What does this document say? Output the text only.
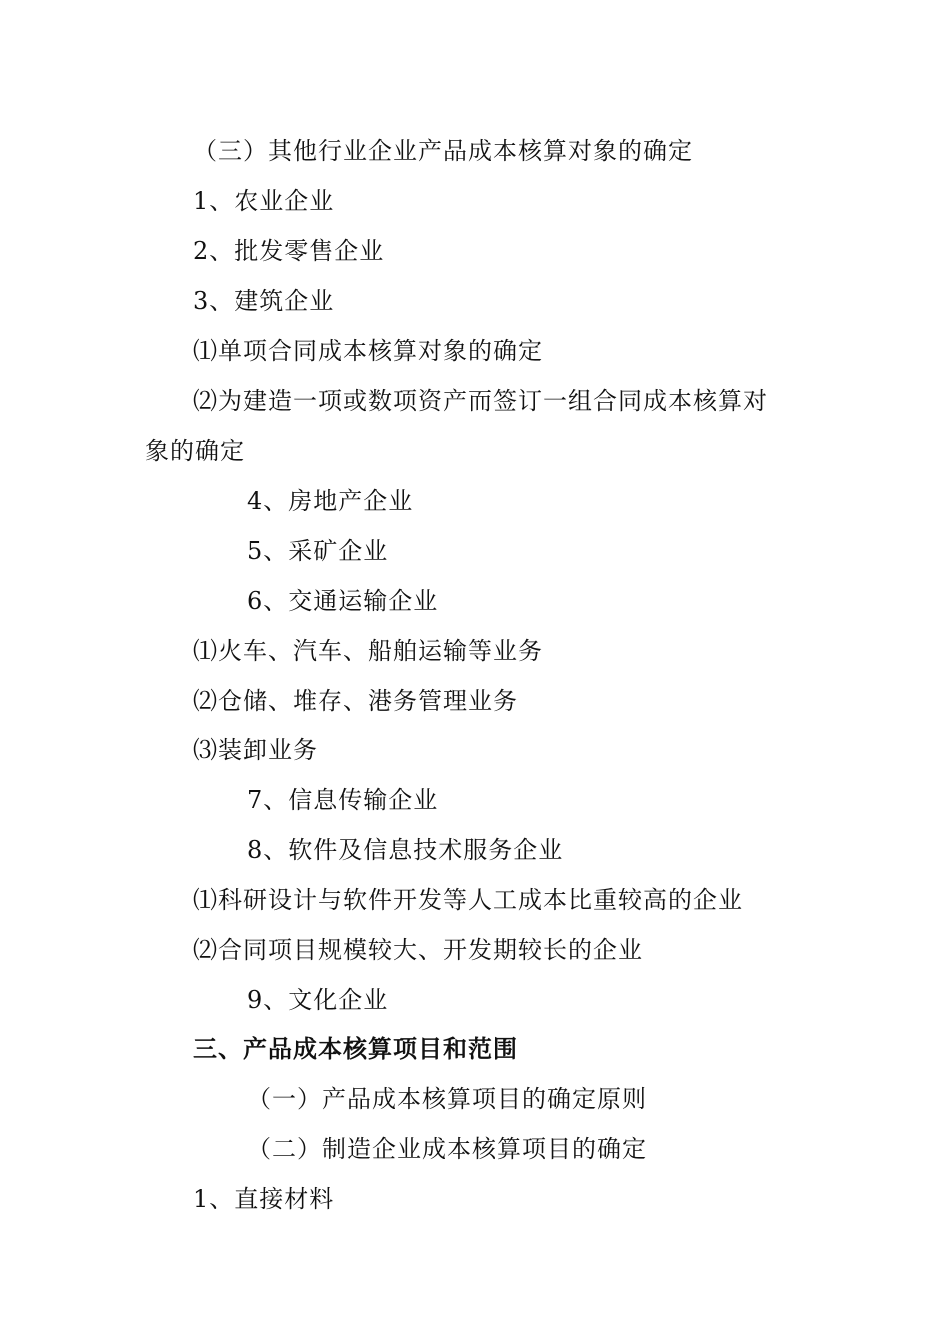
（三）其他行业企业产品成本核算对象的确定
1、农业企业
2、批发零售企业
3、建筑企业
⑴单项合同成本核算对象的确定
⑵为建造一项或数项资产而签订一组合同成本核算对
象的确定
4、房地产企业
5、采矿企业
6、交通运输企业
⑴火车、汽车、船舶运输等业务
⑵仓储、堆存、港务管理业务
⑶装卸业务
7、信息传输企业
8、软件及信息技术服务企业
⑴科研设计与软件开发等人工成本比重较高的企业
⑵合同项目规模较大、开发期较长的企业
9、文化企业
三、产品成本核算项目和范围
（一）产品成本核算项目的确定原则
（二）制造企业成本核算项目的确定
1、直接材料
